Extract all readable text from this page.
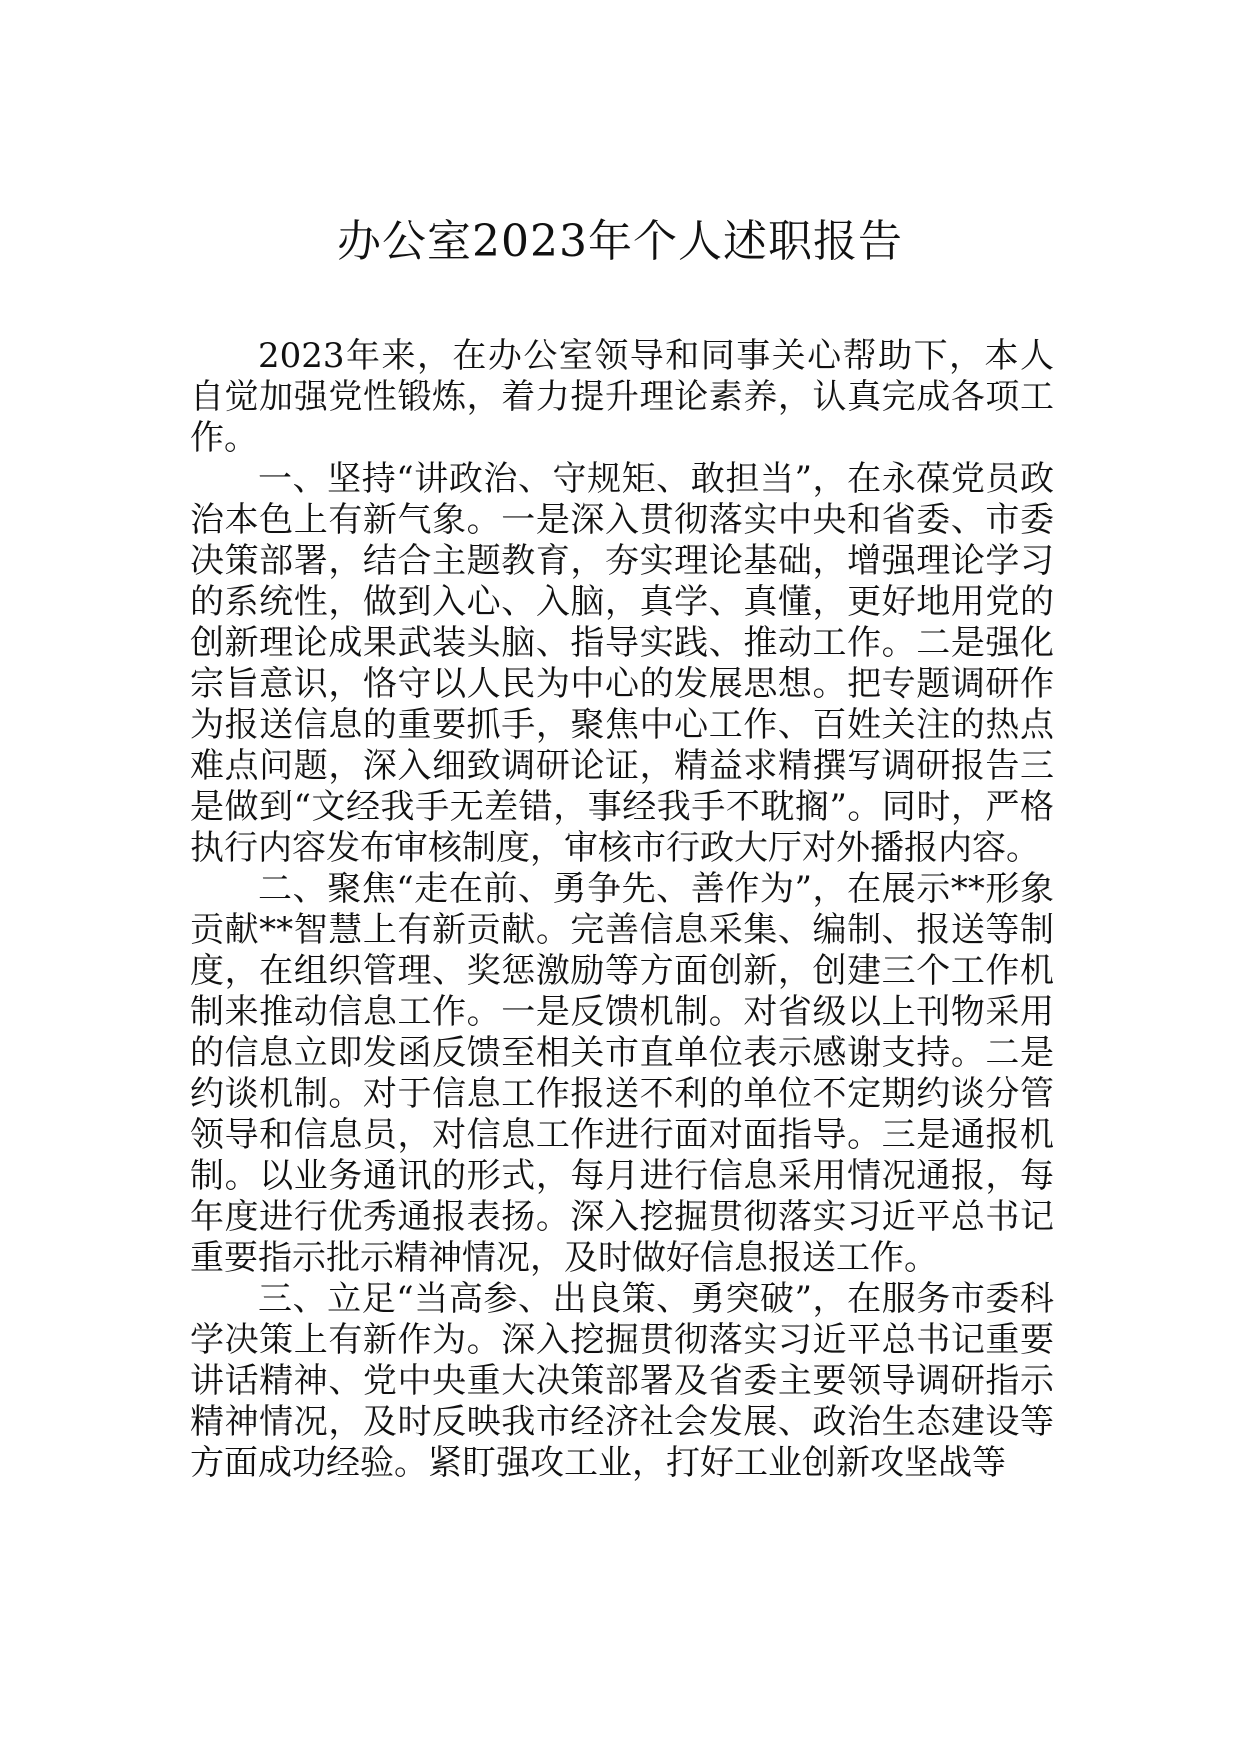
办公室2023年个人述职报告

2023年来，在办公室领导和同事关心帮助下，本人自觉加强党性锻炼，着力提升理论素养，认真完成各项工作。

一、坚持“讲政治、守规矩、敢担当”，在永葆党员政治本色上有新气象。一是深入贯彻落实中央和省委、市委决策部署，结合主题教育，夯实理论基础，增强理论学习的系统性，做到入心、入脑，真学、真懂，更好地用党的创新理论成果武装头脑、指导实践、推动工作。二是强化宗旨意识，恪守以人民为中心的发展思想。把专题调研作为报送信息的重要抓手，聚焦中心工作、百姓关注的热点难点问题，深入细致调研论证，精益求精撰写调研报告三是做到“文经我手无差错，事经我手不耽搁”。同时，严格执行内容发布审核制度，审核市行政大厅对外播报内容。

二、聚焦“走在前、勇争先、善作为”，在展示**形象贡献**智慧上有新贡献。完善信息采集、编制、报送等制度，在组织管理、奖惩激励等方面创新，创建三个工作机制来推动信息工作。一是反馈机制。对省级以上刊物采用的信息立即发函反馈至相关市直单位表示感谢支持。二是约谈机制。对于信息工作报送不利的单位不定期约谈分管领导和信息员，对信息工作进行面对面指导。三是通报机制。以业务通讯的形式，每月进行信息采用情况通报，每年度进行优秀通报表扬。深入挖掘贯彻落实习近平总书记重要指示批示精神情况，及时做好信息报送工作。

三、立足“当高参、出良策、勇突破”，在服务市委科学决策上有新作为。深入挖掘贯彻落实习近平总书记重要讲话精神、党中央重大决策部署及省委主要领导调研指示精神情况，及时反映我市经济社会发展、政治生态建设等方面成功经验。紧盯强攻工业，打好工业创新攻坚战等
